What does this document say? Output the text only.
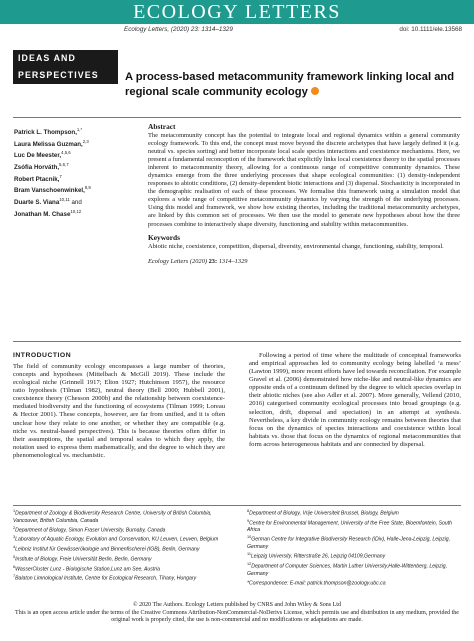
ECOLOGY LETTERS
Ecology Letters, (2020) 23: 1314–1329	doi: 10.1111/ele.13568
IDEAS AND
PERSPECTIVES	A process-based metacommunity framework linking local and regional scale community ecology
Patrick L. Thompson,$^{1,*}$
Laura Melissa Guzman,$^{2,3}$
Luc De Meester,$^{4,5,6}$
Zsófia Horváth,$^{5,6,7}$
Robert Ptacnik,$^7$
Bram Vanschoenwinkel,$^{8,9}$
Duarte S. Viana$^{10,11}$ and
Jonathan M. Chase$^{10,12}$
Abstract

The metacommunity concept has the potential to integrate local and regional dynamics within a general community ecology framework. To this end, the concept must move beyond the discrete archetypes that have largely defined it (e.g. neutral vs. species sorting) and better incorporate local scale species interactions and coexistence mechanisms. Here, we present a fundamental reconception of the framework that explicitly links local coexistence theory to the spatial processes inherent to metacommunity theory, allowing for a continuous range of competitive community dynamics. These dynamics emerge from the three underlying processes that shape ecological communities: (1) density-independent responses to abiotic conditions, (2) density-dependent biotic interactions and (3) dispersal. Stochasticity is incorporated in the demographic realisation of each of these processes. We formalise this framework using a simulation model that explores a wide range of competitive metacommunity dynamics by varying the strength of the underlying processes. Using this model and framework, we show how existing theories, including the traditional metacommunity archetypes, are linked by this common set of processes. We then use the model to generate new hypotheses about how the three processes combine to interactively shape diversity, functioning and stability within metacommunities.

Keywords

Abiotic niche, coexistence, competition, dispersal, diversity, environmental change, functioning, stability, temporal.

Ecology Letters (2020) 23: 1314–1329
INTRODUCTION

The field of community ecology encompasses a large number of theories, concepts and hypotheses (Mittelbach & McGill 2019). These include the ecological niche (Grinnell 1917; Elton 1927; Hutchinson 1957), the resource ratio hypothesis (Tilman 1982), neutral theory (Bell 2000; Hubbell 2001), coexistence theory (Chesson 2000b) and the relationship between coexistence-mediated biodiversity and the functioning of ecosystems (Tilman 1999; Loreau & Hector 2001). These concepts, however, are far from unified, and it is often unclear how they relate to one another, or whether they are compatible (e.g. niche vs. neutral-based perspectives). This is because theories often differ in their assumptions, the spatial and temporal scales to which they apply, the notation used to express them mathematically, and the degree to which they are phenomenological vs. mechanistic.

Following a period of time where the multitude of conceptual frameworks and empirical approaches led to community ecology being labelled ‘a mess’ (Lawton 1999), more recent efforts have led towards reconciliation. For example Gravel et al. (2006) demonstrated how niche-like and neutral-like dynamics are opposite ends of a continuum defined by the degree to which species overlap in their abiotic niches (see also Adler et al. 2007). More generally, Vellend (2010, 2016) categorised community ecological processes into broad groupings (e.g. selection, drift, dispersal and speciation) in an attempt at synthesis. Nevertheless, a key divide in community ecology remains between theories that focus on the dynamics of species interactions and coexistence within local habitats vs. those that focus on the dynamics of regional metacommunities that form across heterogeneous habitats and are connected by dispersal.

$^1$Department of Zoology & Biodiversity Research Centre, University of British Columbia, Vancouver, British Columbia, Canada

$^2$Department of Biology, Simon Fraser University, Burnaby, Canada

$^3$Laboratory of Aquatic Ecology, Evolution and Conservation, KU Leuven, Leuven, Belgium

$^4$Leibniz Institut für Gewässerökologie und Binnenfischerei (IGB), Berlin, Germany

$^5$Institute of Biology, Freie Universität Berlin, Berlin, Germany

$^6$WasserCluster Lunz - Biologische Station,Lunz am See, Austria

$^7$Balaton Limnological Institute, Centre for Ecological Research, Tihany, Hungary

$^8$Department of Biology, Vrije Universiteit Brussel, Biology, Belgium

$^9$Centre for Environmental Management, University of the Free State, Bloemfontein, South Africa

$^{10}$German Centre for Integrative Biodiversity Research (iDiv), Halle-Jena-Leipzig, Leipzig, Germany

$^{11}$Leipzig University, Ritterstraße 26, Leipzig 04109,Germany

$^{12}$Department of Computer Sciences, Martin Luther University,Halle-Wittenberg, Leipzig, Germany

*Correspondence: E-mail: patrick.thompson@zoology.ubc.ca

© 2020 The Authors. Ecology Letters published by CNRS and John Wiley & Sons Ltd
This is an open access article under the terms of the Creative Commons Attribution-NonCommercial-NoDerivs License, which permits use and distribution in any medium, provided the original work is properly cited, the use is non-commercial and no modifications or adaptations are made.
